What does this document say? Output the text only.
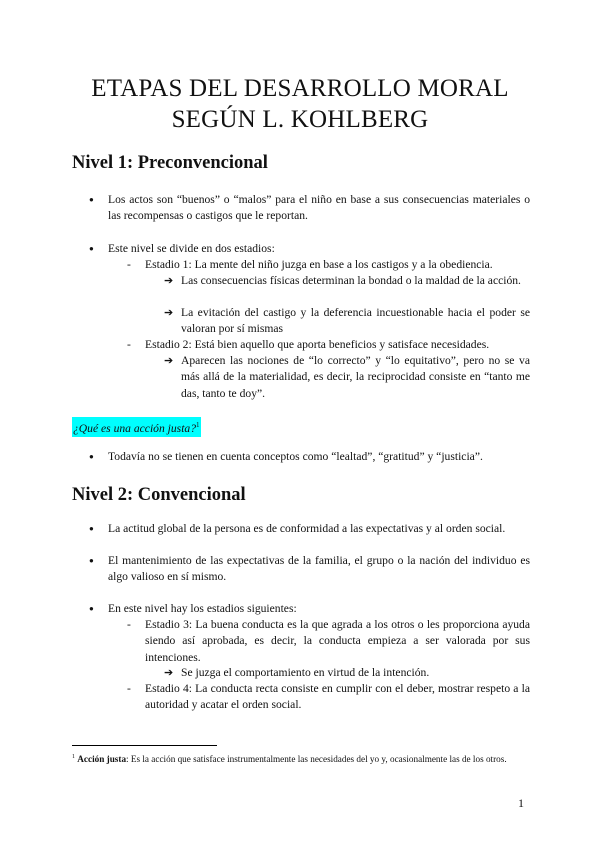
ETAPAS DEL DESARROLLO MORAL
SEGÚN L. KOHLBERG
Nivel 1: Preconvencional

● Los actos son “buenos” o “malos” para el niño en base a sus consecuencias materiales o las recompensas o castigos que le reportan.

● Este nivel se divide en dos estadios:

- Estadio 1: La mente del niño juzga en base a los castigos y a la obediencia.

➔ Las consecuencias físicas determinan la bondad o la maldad de la acción.

➔ La evitación del castigo y la deferencia incuestionable hacia el poder se valoran por sí mismas

- Estadio 2: Está bien aquello que aporta beneficios y satisface necesidades.

➔ Aparecen las nociones de “lo correcto” y “lo equitativo”, pero no se va más allá de la materialidad, es decir, la reciprocidad consiste en “tanto me das, tanto te doy”.

¿Qué es una acción justa?$^1$

● Todavía no se tienen en cuenta conceptos como “lealtad”, “gratitud” y “justicia”.

Nivel 2: Convencional

● La actitud global de la persona es de conformidad a las expectativas y al orden social.

● El mantenimiento de las expectativas de la familia, el grupo o la nación del individuo es algo valioso en sí mismo.

● En este nivel hay los estadios siguientes:

- Estadio 3: La buena conducta es la que agrada a los otros o les proporciona ayuda siendo así aprobada, es decir, la conducta empieza a ser valorada por sus intenciones.

➔ Se juzga el comportamiento en virtud de la intención.

- Estadio 4: La conducta recta consiste en cumplir con el deber, mostrar respeto a la autoridad y acatar el orden social.

$^1$ Acción justa: Es la acción que satisface instrumentalmente las necesidades del yo y, ocasionalmente las de los otros.

1
